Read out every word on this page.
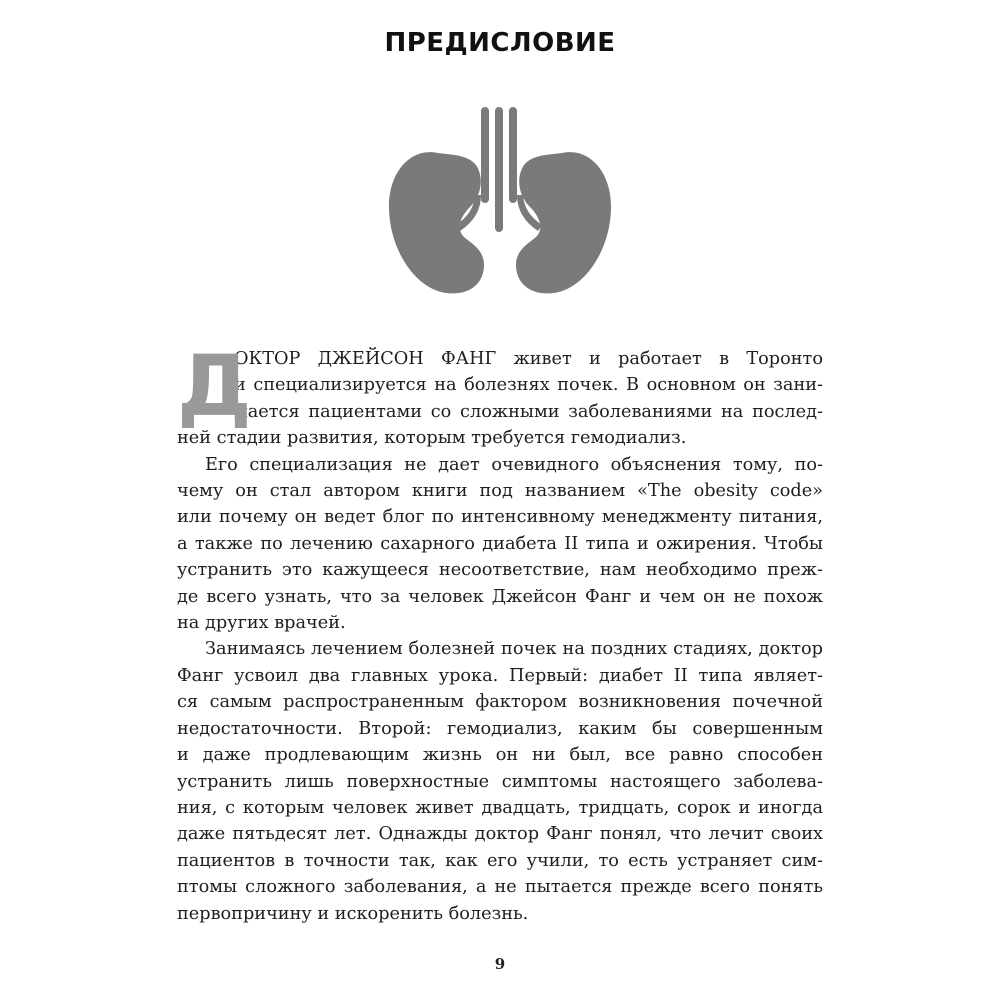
ПРЕДИСЛОВИЕ
Д

ОКТОР ДЖЕЙСОН ФАНГ живет и работает в Торонто
и специализируется на болезнях почек. В основном он зани-
мается пациентами со сложными заболеваниями на послед-
ней стадии развития, которым требуется гемодиализ.

Его специализация не дает очевидного объяснения тому, по-
чему он стал автором книги под названием «The obesity code»
или почему он ведет блог по интенсивному менеджменту питания,
а также по лечению сахарного диабета II типа и ожирения. Чтобы
устранить это кажущееся несоответствие, нам необходимо преж-
де всего узнать, что за человек Джейсон Фанг и чем он не похож
на других врачей.

Занимаясь лечением болезней почек на поздних стадиях, доктор
Фанг усвоил два главных урока. Первый: диабет II типа являет-
ся самым распространенным фактором возникновения почечной
недостаточности. Второй: гемодиализ, каким бы совершенным
и даже продлевающим жизнь он ни был, все равно способен
устранить лишь поверхностные симптомы настоящего заболева-
ния, с которым человек живет двадцать, тридцать, сорок и иногда
даже пятьдесят лет. Однажды доктор Фанг понял, что лечит своих
пациентов в точности так, как его учили, то есть устраняет сим-
птомы сложного заболевания, а не пытается прежде всего понять
первопричину и искоренить болезнь.

9
